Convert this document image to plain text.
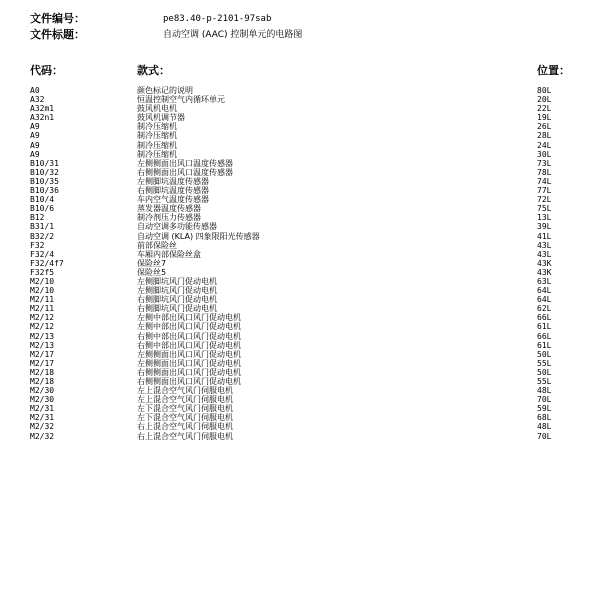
文件编号：	pe83.40-p-2101-97sab
文件标题：	自动空调 (AAC) 控制单元的电路图
代码：	款式：	位置：
A0	颜色标记的说明	80L
A32	恒温控制空气内循环单元	20L
A32m1	鼓风机电机	22L
A32n1	鼓风机调节器	19L
A9	制冷压缩机	26L
A9	制冷压缩机	28L
A9	制冷压缩机	24L
A9	制冷压缩机	30L
B10/31	左侧侧面出风口温度传感器	73L
B10/32	右侧侧面出风口温度传感器	78L
B10/35	左侧脚坑温度传感器	74L
B10/36	右侧脚坑温度传感器	77L
B10/4	车内空气温度传感器	72L
B10/6	蒸发器温度传感器	75L
B12	制冷剂压力传感器	13L
B31/1	自动空调多功能传感器	39L
B32/2	自动空调 (KLA) 四象限阳光传感器	41L
F32	前部保险丝	43L
F32/4	车厢内部保险丝盒	43L
F32/4f7	保险丝7	43K
F32f5	保险丝5	43K
M2/10	左侧脚坑风门促动电机	63L
M2/10	左侧脚坑风门促动电机	64L
M2/11	右侧脚坑风门促动电机	64L
M2/11	右侧脚坑风门促动电机	62L
M2/12	左侧中部出风口风门促动电机	66L
M2/12	左侧中部出风口风门促动电机	61L
M2/13	右侧中部出风口风门促动电机	66L
M2/13	右侧中部出风口风门促动电机	61L
M2/17	左侧侧面出风口风门促动电机	50L
M2/17	左侧侧面出风口风门促动电机	55L
M2/18	右侧侧面出风口风门促动电机	50L
M2/18	右侧侧面出风口风门促动电机	55L
M2/30	左上混合空气风门伺服电机	48L
M2/30	左上混合空气风门伺服电机	70L
M2/31	左下混合空气风门伺服电机	59L
M2/31	左下混合空气风门伺服电机	68L
M2/32	右上混合空气风门伺服电机	48L
M2/32	右上混合空气风门伺服电机	70L
